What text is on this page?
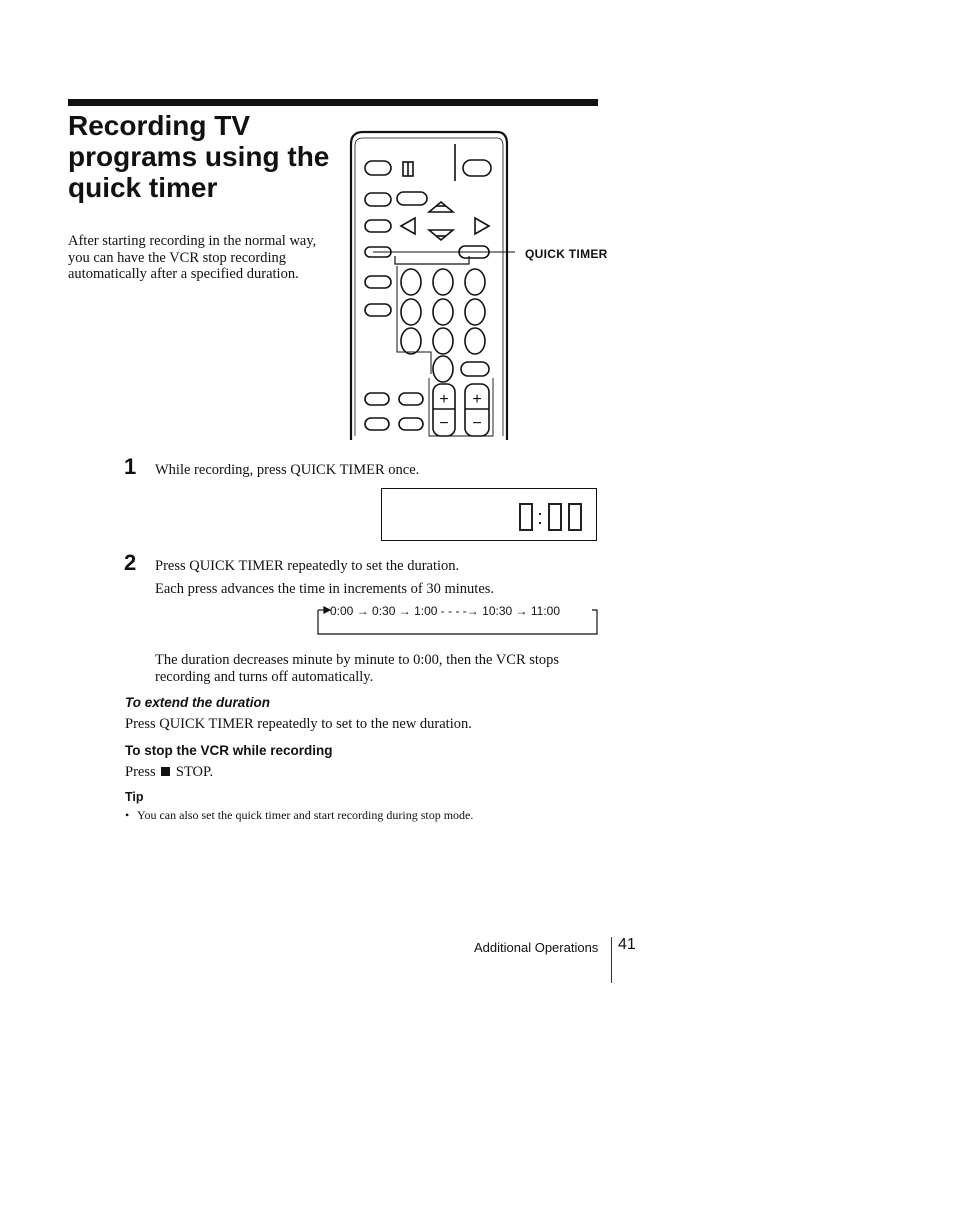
Recording TV programs using the quick timer
After starting recording in the normal way, you can have the VCR stop recording automatically after a specified duration.
+ +
− −
QUICK TIMER
1 While recording, press QUICK TIMER once.
2 Press QUICK TIMER repeatedly to set the duration.
Each press advances the time in increments of 30 minutes.
0:00 → 0:30 → 1:00 - - - -→ 10:30 → 11:00
The duration decreases minute by minute to 0:00, then the VCR stops recording and turns off automatically.
To extend the duration
Press QUICK TIMER repeatedly to set to the new duration.
To stop the VCR while recording
Press STOP.
Tip
• You can also set the quick timer and start recording during stop mode.
Additional Operations 41
